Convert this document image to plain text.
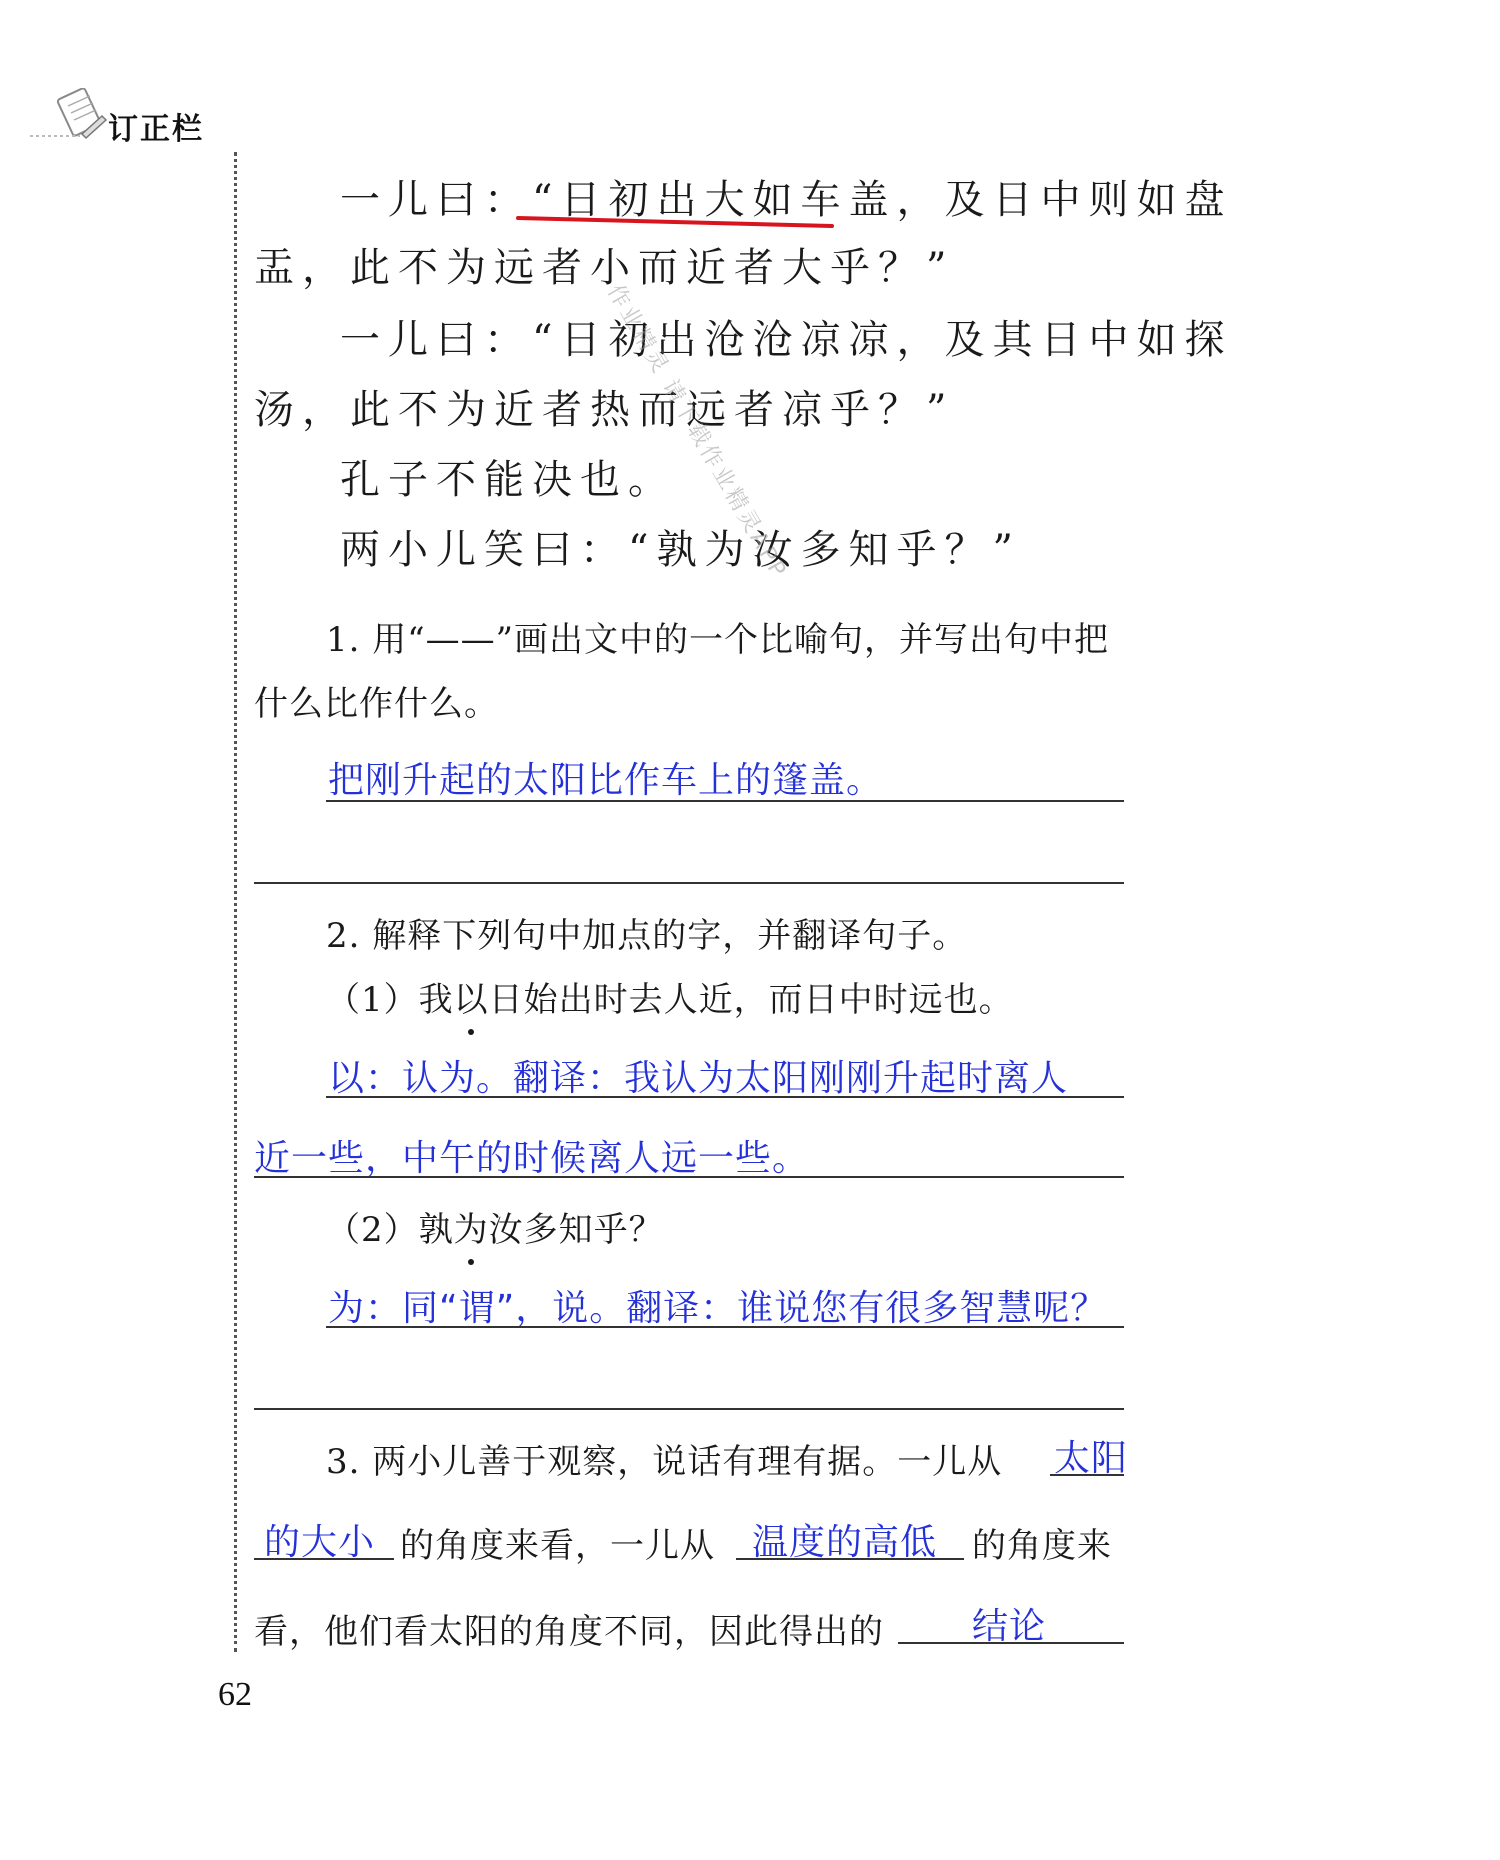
订正栏
一儿曰：“日初出大如车盖，及日中则如盘
盂，此不为远者小而近者大乎？”
一儿曰：“日初出沧沧凉凉，及其日中如探
汤，此不为近者热而远者凉乎？”
孔子不能决也。
两小儿笑曰：“孰为汝多知乎？”
作业精灵 请下载作业精灵APP
1. 用“——”画出文中的一个比喻句，并写出句中把
什么比作什么。
把刚升起的太阳比作车上的篷盖。
2. 解释下列句中加点的字，并翻译句子。
（1）我以日始出时去人近，而日中时远也。
以：认为。翻译：我认为太阳刚刚升起时离人
近一些，中午的时候离人远一些。
（2）孰为汝多知乎？
为：同“谓”，说。翻译：谁说您有很多智慧呢？
3. 两小儿善于观察，说话有理有据。一儿从 太阳
的大小 的角度来看，一儿从 温度的高低 的角度来
看，他们看太阳的角度不同，因此得出的 结论
62
